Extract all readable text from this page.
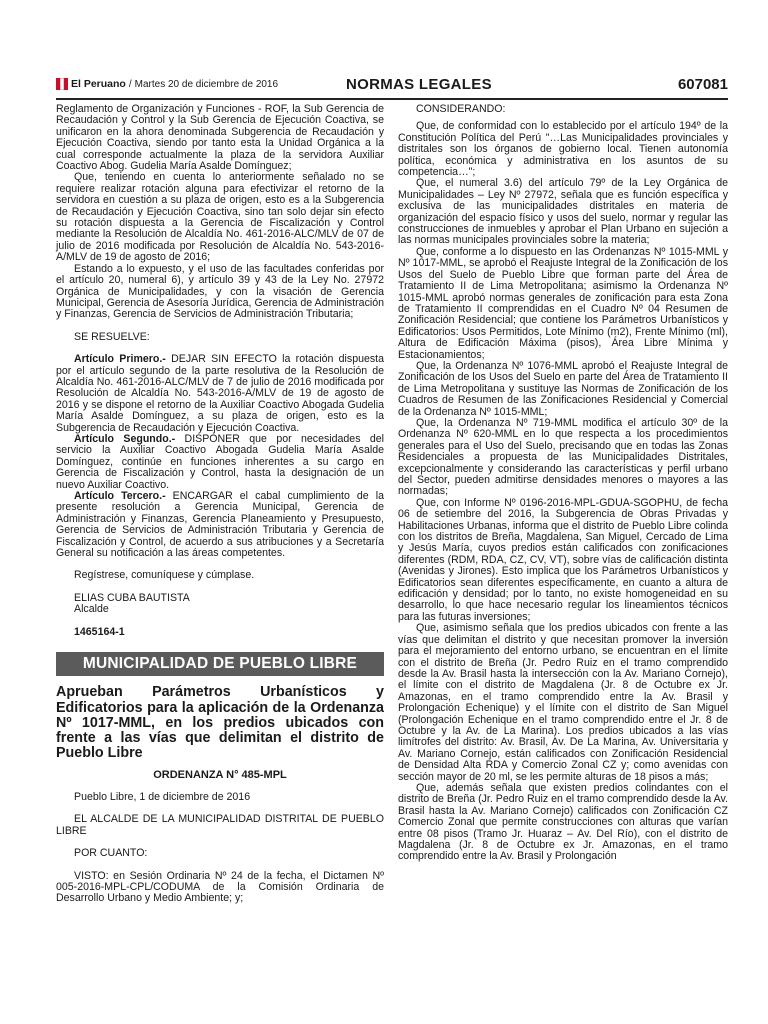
El Peruano / Martes 20 de diciembre de 2016	NORMAS LEGALES	607081

Reglamento de Organización y Funciones - ROF, la Sub Gerencia de Recaudación y Control y la Sub Gerencia de Ejecución Coactiva, se unificaron en la ahora denominada Subgerencia de Recaudación y Ejecución Coactiva, siendo por tanto esta la Unidad Orgánica a la cual corresponde actualmente la plaza de la servidora Auxiliar Coactivo Abog. Gudelia María Asalde Domínguez;

Que, teniendo en cuenta lo anteriormente señalado no se requiere realizar rotación alguna para efectivizar el retorno de la servidora en cuestión a su plaza de origen, esto es a la Subgerencia de Recaudación y Ejecución Coactiva, sino tan solo dejar sin efecto su rotación dispuesta a la Gerencia de Fiscalización y Control mediante la Resolución de Alcaldía No. 461-2016-ALC/MLV de 07 de julio de 2016 modificada por Resolución de Alcaldía No. 543-2016-A/MLV de 19 de agosto de 2016;

Estando a lo expuesto, y el uso de las facultades conferidas por el artículo 20, numeral 6), y artículo 39 y 43 de la Ley No. 27972 Orgánica de Municipalidades, y con la visación de Gerencia Municipal, Gerencia de Asesoría Jurídica, Gerencia de Administración y Finanzas, Gerencia de Servicios de Administración Tributaria;

SE RESUELVE:

Artículo Primero.- DEJAR SIN EFECTO la rotación dispuesta por el artículo segundo de la parte resolutiva de la Resolución de Alcaldía No. 461-2016-ALC/MLV de 7 de julio de 2016 modificada por Resolución de Alcaldía No. 543-2016-A/MLV de 19 de agosto de 2016 y se dispone el retorno de la Auxiliar Coactivo Abogada Gudelia María Asalde Domínguez, a su plaza de origen, esto es la Subgerencia de Recaudación y Ejecución Coactiva.

Artículo Segundo.- DISPONER que por necesidades del servicio la Auxiliar Coactivo Abogada Gudelia María Asalde Domínguez, continúe en funciones inherentes a su cargo en Gerencia de Fiscalización y Control, hasta la designación de un nuevo Auxiliar Coactivo.

Artículo Tercero.- ENCARGAR el cabal cumplimiento de la presente resolución a Gerencia Municipal, Gerencia de Administración y Finanzas, Gerencia Planeamiento y Presupuesto, Gerencia de Servicios de Administración Tributaria y Gerencia de Fiscalización y Control, de acuerdo a sus atribuciones y a Secretaría General su notificación a las áreas competentes.

Regístrese, comuníquese y cúmplase.

ELIAS CUBA BAUTISTA

Alcalde

1465164-1

MUNICIPALIDAD DE PUEBLO LIBRE
Aprueban Parámetros Urbanísticos y Edificatorios para la aplicación de la Ordenanza Nº 1017-MML, en los predios ubicados con frente a las vías que delimitan el distrito de Pueblo Libre
ORDENANZA N° 485-MPL

Pueblo Libre, 1 de diciembre de 2016

EL ALCALDE DE LA MUNICIPALIDAD DISTRITAL DE PUEBLO LIBRE

POR CUANTO:

VISTO: en Sesión Ordinaria Nº 24 de la fecha, el Dictamen Nº 005-2016-MPL-CPL/CODUMA de la Comisión Ordinaria de Desarrollo Urbano y Medio Ambiente; y;

CONSIDERANDO:

Que, de conformidad con lo establecido por el artículo 194º de la Constitución Política del Perú "…Las Municipalidades provinciales y distritales son los órganos de gobierno local. Tienen autonomía política, económica y administrativa en los asuntos de su competencia…";

Que, el numeral 3.6) del artículo 79º de la Ley Orgánica de Municipalidades – Ley Nº 27972, señala que es función específica y exclusiva de las municipalidades distritales en materia de organización del espacio físico y usos del suelo, normar y regular las construcciones de inmuebles y aprobar el Plan Urbano en sujeción a las normas municipales provinciales sobre la materia;

Que, conforme a lo dispuesto en las Ordenanzas Nº 1015-MML y Nº 1017-MML, se aprobó el Reajuste Integral de la Zonificación de los Usos del Suelo de Pueblo Libre que forman parte del Área de Tratamiento II de Lima Metropolitana; asimismo la Ordenanza Nº 1015-MML aprobó normas generales de zonificación para esta Zona de Tratamiento II comprendidas en el Cuadro Nº 04 Resumen de Zonificación Residencial; que contiene los Parámetros Urbanísticos y Edificatorios: Usos Permitidos, Lote Mínimo (m2), Frente Mínimo (ml), Altura de Edificación Máxima (pisos), Área Libre Mínima y Estacionamientos;

Que, la Ordenanza Nº 1076-MML aprobó el Reajuste Integral de Zonificación de los Usos del Suelo en parte del Área de Tratamiento II de Lima Metropolitana y sustituye las Normas de Zonificación de los Cuadros de Resumen de las Zonificaciones Residencial y Comercial de la Ordenanza Nº 1015-MML;

Que, la Ordenanza Nº 719-MML modifica el artículo 30º de la Ordenanza Nº 620-MML en lo que respecta a los procedimientos generales para el Uso del Suelo, precisando que en todas las Zonas Residenciales a propuesta de las Municipalidades Distritales, excepcionalmente y considerando las características y perfil urbano del Sector, pueden admitirse densidades menores o mayores a las normadas;

Que, con Informe Nº 0196-2016-MPL-GDUA-SGOPHU, de fecha 06 de setiembre del 2016, la Subgerencia de Obras Privadas y Habilitaciones Urbanas, informa que el distrito de Pueblo Libre colinda con los distritos de Breña, Magdalena, San Miguel, Cercado de Lima y Jesús María, cuyos predios están calificados con zonificaciones diferentes (RDM, RDA, CZ, CV, VT), sobre vías de calificación distinta (Avenidas y Jirones). Esto implica que los Parámetros Urbanísticos y Edificatorios sean diferentes específicamente, en cuanto a altura de edificación y densidad; por lo tanto, no existe homogeneidad en su desarrollo, lo que hace necesario regular los lineamientos técnicos para las futuras inversiones;

Que, asimismo señala que los predios ubicados con frente a las vías que delimitan el distrito y que necesitan promover la inversión para el mejoramiento del entorno urbano, se encuentran en el límite con el distrito de Breña (Jr. Pedro Ruiz en el tramo comprendido desde la Av. Brasil hasta la intersección con la Av. Mariano Cornejo), el límite con el distrito de Magdalena (Jr. 8 de Octubre ex Jr. Amazonas, en el tramo comprendido entre la Av. Brasil y Prolongación Echenique) y el límite con el distrito de San Miguel (Prolongación Echenique en el tramo comprendido entre el Jr. 8 de Octubre y la Av. de La Marina). Los predios ubicados a las vías limítrofes del distrito: Av. Brasil, Av. De La Marina, Av. Universitaria y Av. Mariano Cornejo, están calificados con Zonificación Residencial de Densidad Alta RDA y Comercio Zonal CZ y; como avenidas con sección mayor de 20 ml, se les permite alturas de 18 pisos a más;

Que, además señala que existen predios colindantes con el distrito de Breña (Jr. Pedro Ruiz en el tramo comprendido desde la Av. Brasil hasta la Av. Mariano Cornejo) calificados con Zonificación CZ Comercio Zonal que permite construcciones con alturas que varían entre 08 pisos (Tramo Jr. Huaraz – Av. Del Río), con el distrito de Magdalena (Jr. 8 de Octubre ex Jr. Amazonas, en el tramo comprendido entre la Av. Brasil y Prolongación
